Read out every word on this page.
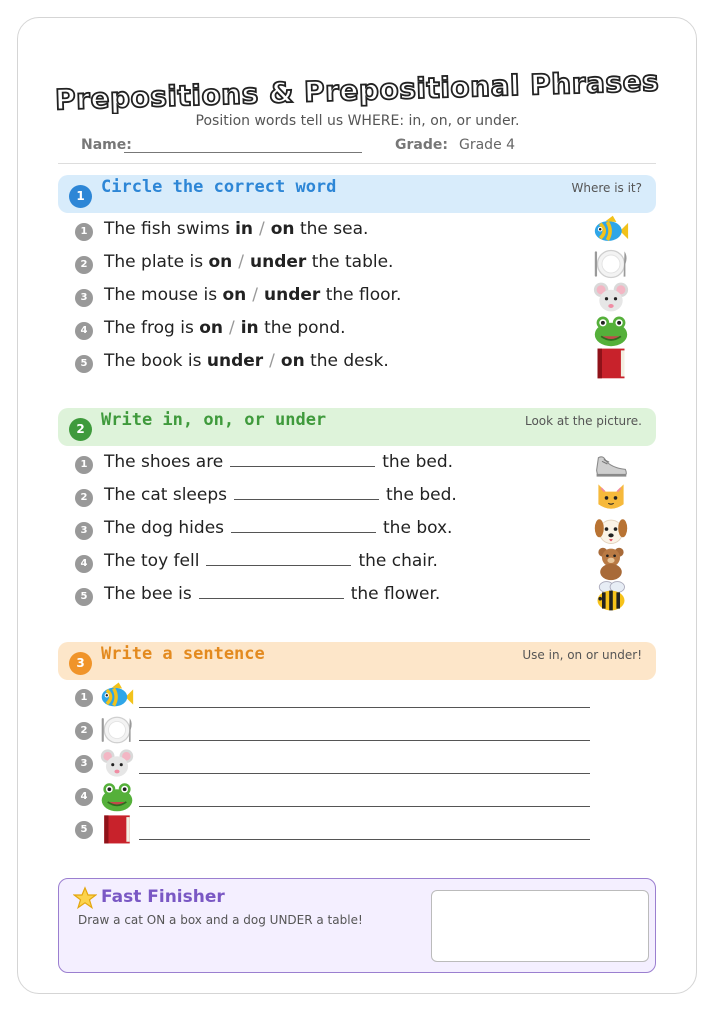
Prepositions & Prepositional Phrases
Position words tell us WHERE: in, on, or under.
Name:	Grade: Grade 4
1 Circle the correct word	Where is it?
1 The fish swims in / on the sea.
2 The plate is on / under the table.
3 The mouse is on / under the floor.
4 The frog is on / in the pond.
5 The book is under / on the desk.
2 Write in, on, or under	Look at the picture.
1 The shoes are	the bed.
2 The cat sleeps	the bed.
3 The dog hides	the box.
4 The toy fell	the chair.
5 The bee is	the flower.
3 Write a sentence	Use in, on or under!
1
2
3
4
5
Fast Finisher
Draw a cat ON a box and a dog UNDER a table!
